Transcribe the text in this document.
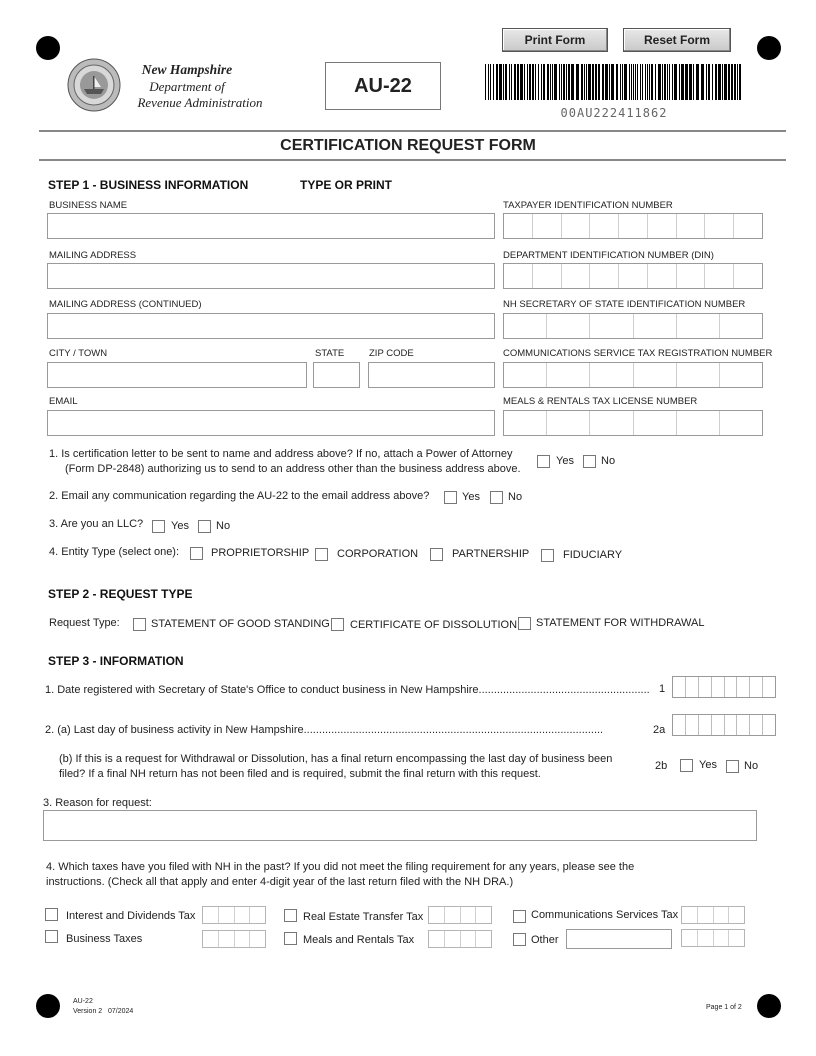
Print Form	Reset Form
New Hampshire
Department of
Revenue Administration
AU-22
00AU222411862
CERTIFICATION REQUEST FORM
STEP 1 - BUSINESS INFORMATION	TYPE OR PRINT
BUSINESS NAME
MAILING ADDRESS
MAILING ADDRESS (CONTINUED)
CITY / TOWN	STATE	ZIP CODE
EMAIL
TAXPAYER IDENTIFICATION NUMBER
DEPARTMENT IDENTIFICATION NUMBER (DIN)
NH SECRETARY OF STATE IDENTIFICATION NUMBER
COMMUNICATIONS SERVICE TAX REGISTRATION NUMBER
MEALS & RENTALS TAX LICENSE NUMBER
1. Is certification letter to be sent to name and address above? If no, attach a Power of Attorney
(Form DP-2848) authorizing us to send to an address other than the business address above.
Yes No
2. Email any communication regarding the AU-22 to the email address above?	Yes	No
3. Are you an LLC?	Yes No
4. Entity Type (select one):	PROPRIETORSHIP	CORPORATION	PARTNERSHIP	FIDUCIARY
STEP 2 - REQUEST TYPE
Request Type:	STATEMENT OF GOOD STANDING CERTIFICATE OF DISSOLUTION STATEMENT FOR WITHDRAWAL
STEP 3 - INFORMATION
1. Date registered with Secretary of State's Office to conduct business in New Hampshire........................................................ 1
2. (a) Last day of business activity in New Hampshire..................................................................................................	2a
(b) If this is a request for Withdrawal or Dissolution, has a final return encompassing the last day of business been
filed? If a final NH return has not been filed and is required, submit the final return with this request.
2b	Yes No
3. Reason for request:
4. Which taxes have you filed with NH in the past? If you did not meet the filing requirement for any years, please see the
instructions. (Check all that apply and enter 4-digit year of the last return filed with the NH DRA.)
Interest and Dividends Tax	Real Estate Transfer Tax	Communications Services Tax
Business Taxes	Meals and Rentals Tax	Other
AU-22
Version 2   07/2024
Page 1 of 2
